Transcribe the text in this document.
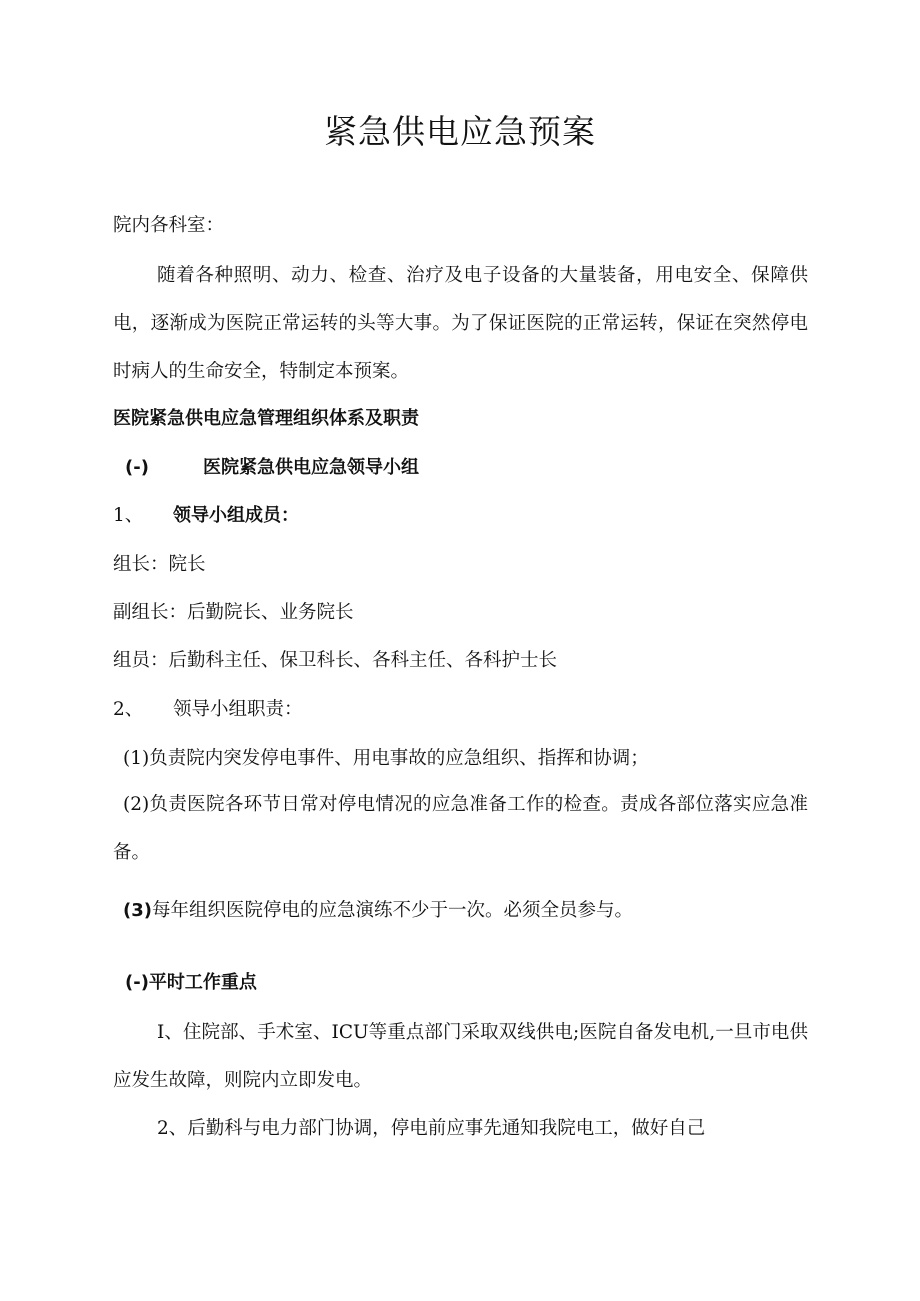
紧急供电应急预案
院内各科室：
随着各种照明、动力、检查、治疗及电子设备的大量装备，用电安全、保障供电，逐渐成为医院正常运转的头等大事。为了保证医院的正常运转，保证在突然停电时病人的生命安全，特制定本预案。
医院紧急供电应急管理组织体系及职责
(-)	医院紧急供电应急领导小组
1、 领导小组成员：
组长：院长
副组长：后勤院长、业务院长
组员：后勤科主任、保卫科长、各科主任、各科护士长
2、 领导小组职责：
(1)负责院内突发停电事件、用电事故的应急组织、指挥和协调；
(2)负责医院各环节日常对停电情况的应急准备工作的检查。责成各部位落实应急准备。
(3)每年组织医院停电的应急演练不少于一次。必须全员参与。
(-)平时工作重点
I、住院部、手术室、ICU等重点部门采取双线供电;医院自备发电机,一旦市电供应发生故障，则院内立即发电。
2、后勤科与电力部门协调，停电前应事先通知我院电工，做好自己
